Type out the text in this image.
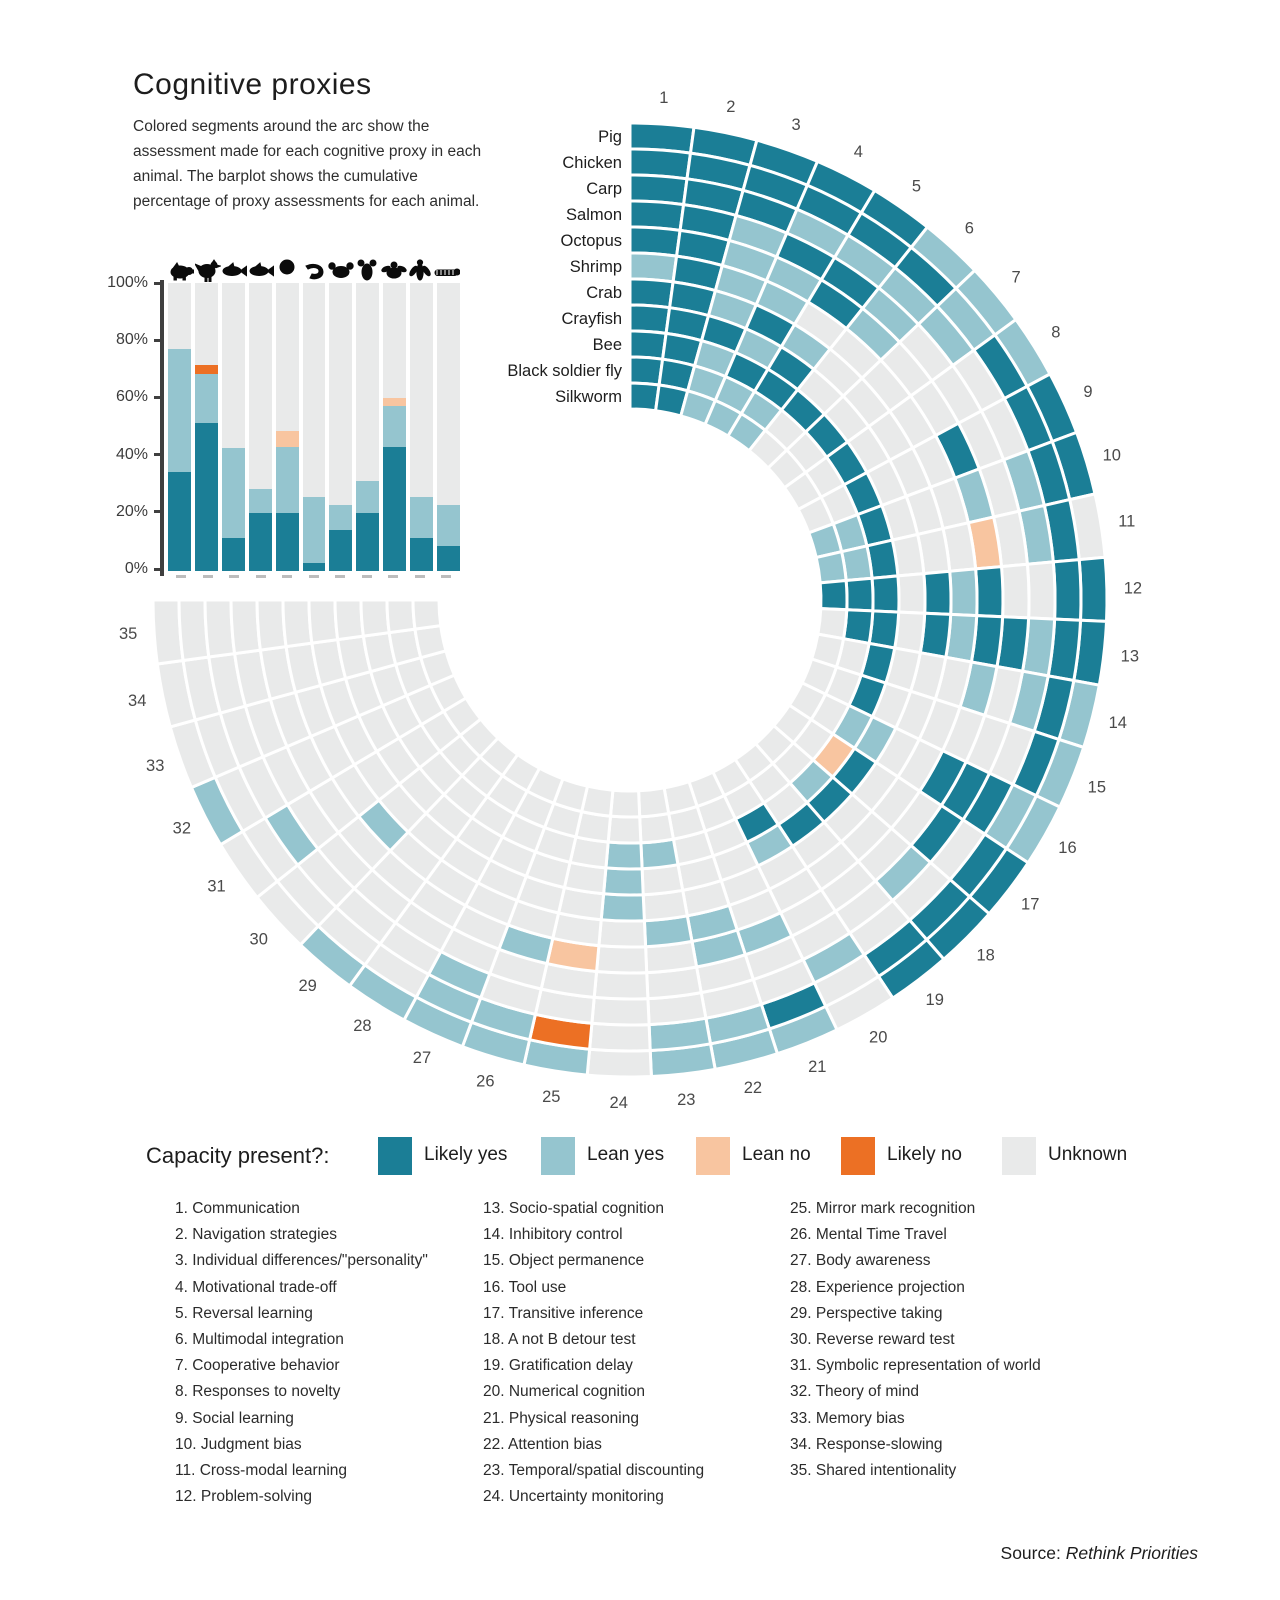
Cognitive proxies
Colored segments around the arc show the assessment made for each cognitive proxy in each animal. The barplot shows the cumulative percentage of proxy assessments for each animal.
100%
80%
60%
40%
20%
0%
1
2
3
4
5
6
7
8
9
10
11
12
13
14
15
16
17
18
19
20
21
22
23
24
25
26
27
28
29
30
31
32
33
34
35
Pig
Chicken
Carp
Salmon
Octopus
Shrimp
Crab
Crayfish
Bee
Black soldier fly
Silkworm
Capacity present?:	Likely yes	Lean yes	Lean no	Likely no	Unknown
1. Communication
2. Navigation strategies
3. Individual differences/"personality"
4. Motivational trade-off
5. Reversal learning
6. Multimodal integration
7. Cooperative behavior
8. Responses to novelty
9. Social learning
10. Judgment bias
11. Cross-modal learning
12. Problem-solving
13. Socio-spatial cognition
14. Inhibitory control
15. Object permanence
16. Tool use
17. Transitive inference
18. A not B detour test
19. Gratification delay
20. Numerical cognition
21. Physical reasoning
22. Attention bias
23. Temporal/spatial discounting
24. Uncertainty monitoring
25. Mirror mark recognition
26. Mental Time Travel
27. Body awareness
28. Experience projection
29. Perspective taking
30. Reverse reward test
31. Symbolic representation of world
32. Theory of mind
33. Memory bias
34. Response-slowing
35. Shared intentionality
Source: Rethink Priorities
